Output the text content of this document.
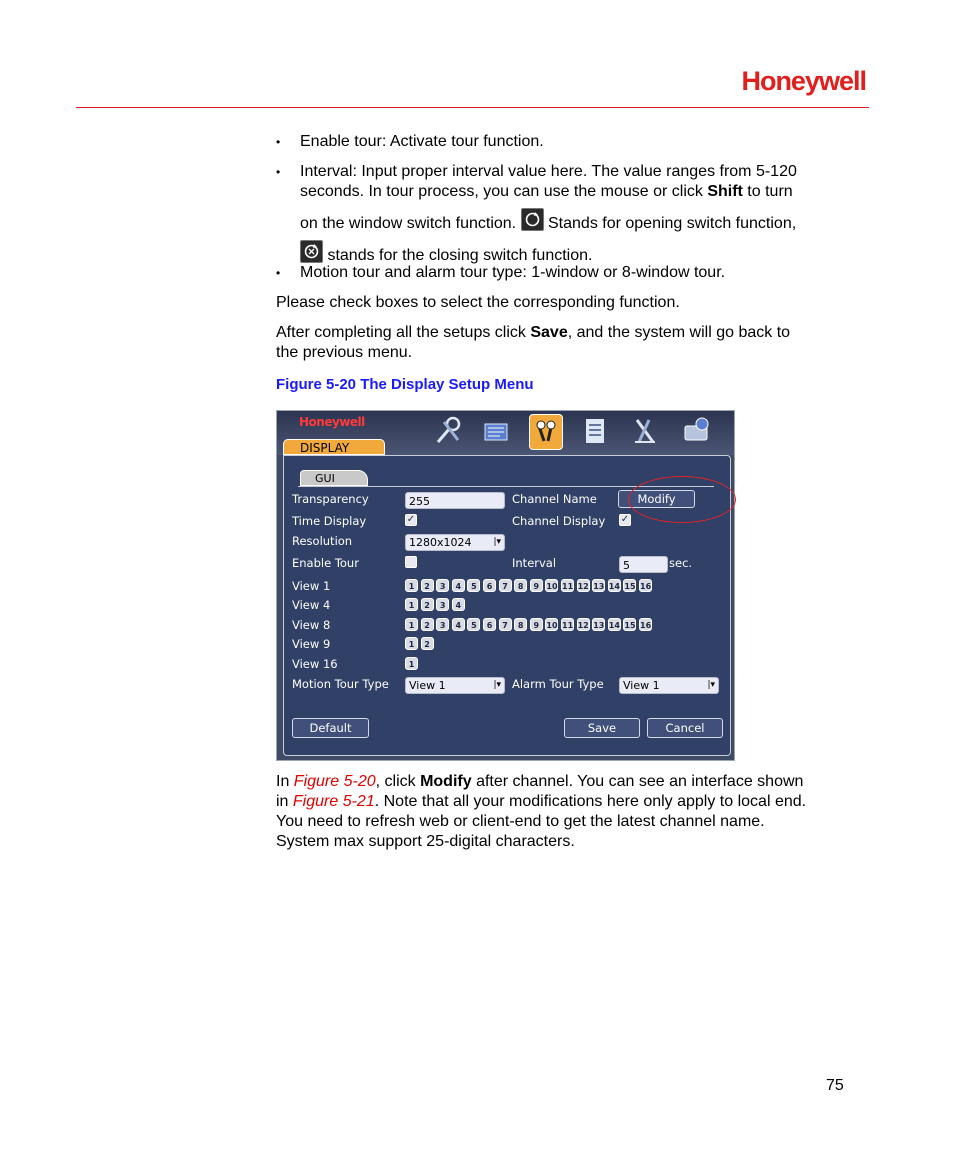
Honeywell
• Enable tour: Activate tour function.
• Interval: Input proper interval value here. The value ranges from 5-120
seconds. In tour process, you can use the mouse or click Shift to turn
on the window switch function.
Stands for opening switch function,
stands for the closing switch function.
• Motion tour and alarm tour type: 1-window or 8-window tour.
Please check boxes to select the corresponding function.
After completing all the setups click Save, and the system will go back to
the previous menu.
Figure 5-20 The Display Setup Menu
Honeywell
DISPLAY
GUI
Transparency	255	Channel Name	Modify
Time Display	✓	Channel Display ✓
Resolution	1280x1024 |▾
Enable Tour	Interval	5	sec.
View 1	1	2	3	4	5	6	7	8	9 10 11 12 13 14 15 16
View 4	1	2	3	4
View 8	1	2	3	4	5	6	7	8	9 10 11 12 13 14 15 16
View 9	1	2
View 16	1
Motion Tour Type	View 1	|▾ Alarm Tour Type	View 1	|▾
Default	Save	Cancel
In Figure 5-20, click Modify after channel. You can see an interface shown
in Figure 5-21. Note that all your modifications here only apply to local end.
You need to refresh web or client-end to get the latest channel name.
System max support 25-digital characters.
75
